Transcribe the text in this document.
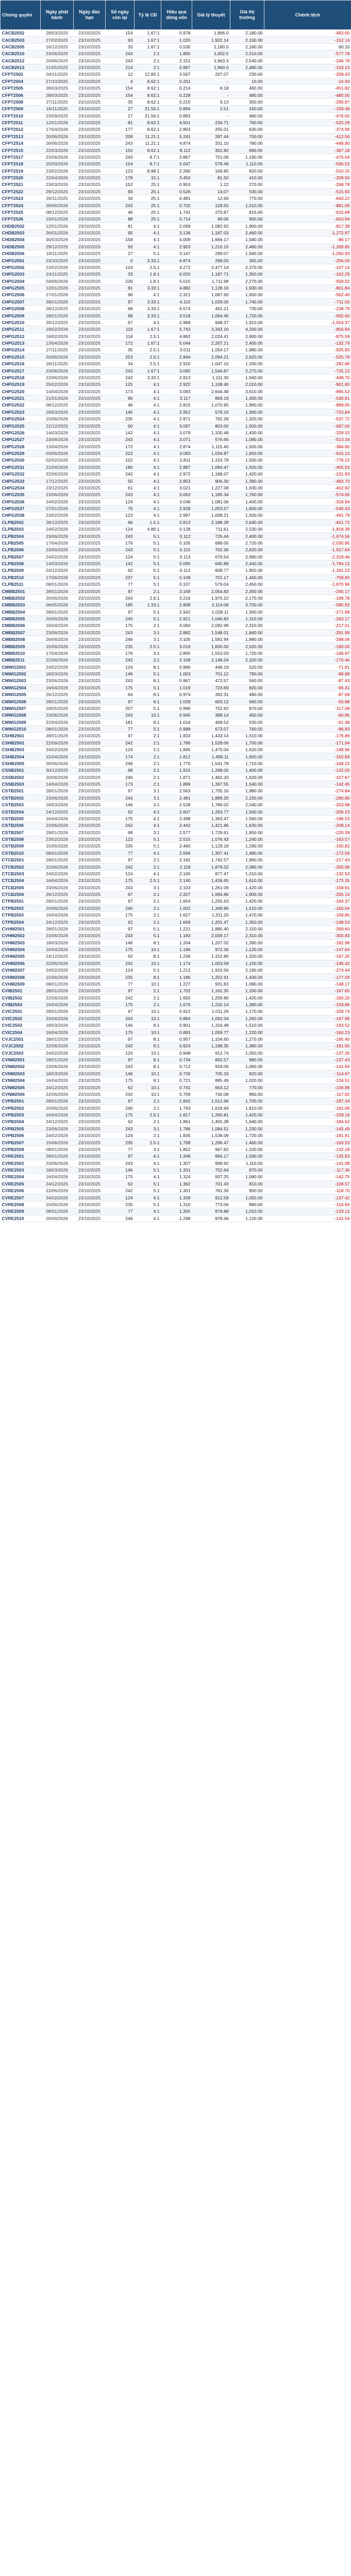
Chứng quyền	Ngày phát hành	Ngày đáo hạn	Số ngày còn lại	Tỷ lệ CĐ	Hiệu quả dòng vốn	Giá lý thuyết	Giá thị trường	Chênh lệch
CACB2502	28/03/2025	23/10/2025	154	1.67:1	0.978	1,866.0	2,180.00	-483.00
CACB2503	27/02/2025	23/10/2025	63	1.67:1	1.020	1,922.14	2,100.00	-152.14
CACB2505	16/12/2025	23/10/2025	33	1.67:1	0.530	2,180.0	2,180.00	60.10
CACB2510	23/06/2025	23/10/2025	243	2:1	1.860	1,602.5	2,510.00	-577.78
CACB2512	20/06/2025	23/10/2025	243	2:1	2.151	1,663.3	2,540.00	-246.78
CACB2513	21/05/2025	23/10/2025	214	2:1	0.997	1,960.0	2,480.00	-103.13
CFPT2502	04/11/2025	23/10/2025	12	12.85:1	3.567	207.07	230.00	-209.43
CFPT2504	27/10/2025	23/10/2025	4	8.62:1	0.201	-	10.00	-10.00
CFPT2505	28/03/2025	23/10/2025	154	8.62:1	0.214	8.18	460.00	-451.82
CFPT2506	28/03/2025	23/10/2025	154	8.62:1	0.228	-	480.00	-480.00
CFPT2508	27/11/2025	23/10/2025	35	8.62:1	0.215	9.13	300.00	-290.87
CFPT2509	18/11/2025	23/10/2025	27	21.56:1	0.894	2.51	160.00	-159.49
CFPT2510	23/09/2025	23/10/2025	27	21.56:1	0.893	-	480.00	-476.00
CFPT2511	12/01/2026	23/10/2025	81	8.62:1	4.501	234.71	760.00	-525.29
CFPT2512	17/04/2026	23/10/2025	177	8.62:1	2.803	255.01	630.00	-374.99
CFPT2513	20/06/2026	23/10/2025	208	11.21:1	5.241	287.44	700.00	-412.56
CFPT2514	26/06/2026	23/10/2025	243	11.21:1	4.874	331.10	780.00	-448.90
CFPT2515	22/03/2026	23/10/2025	150	8.62:1	8.112	302.82	690.00	-387.18
CFPT2517	23/06/2026	23/10/2025	243	8.7:1	3.867	751.06	1,190.00	-475.64
CFPT2518	25/03/2026	23/10/2025	154	8.7:1	5.047	578.48	1,110.00	-566.52
CFPT2519	23/02/2026	23/10/2025	123	8.98:1	2.290	166.85	820.00	-510.15
CFPT2520	22/04/2026	23/10/2025	178	15:1	3.450	81.50	410.00	-328.50
CFPT2521	23/03/2026	23/10/2025	152	25:1	0.953	1.22	270.00	-268.78
CFPT2522	29/12/2025	23/10/2025	93	25:1	0.526	14.07	530.00	-515.93
CFPT2523	26/11/2025	23/10/2025	34	25:1	0.481	12.69	770.00	-643.22
CFPT2524	26/06/2026	23/10/2025	243	25:1	0.702	128.55	1,510.00	-881.05
CFPT2525	08/12/2025	23/10/2025	46	25:1	1.741	270.87	815.00	-615.69
CFPT2526	19/01/2026	23/10/2025	88	25:1	0.714	89.06	900.00	-810.94
CHDB2502	12/01/2026	23/10/2025	81	4:1	2.069	1,082.62	1,900.00	-817.38
CHDB2503	26/01/2026	23/10/2025	95	4:1	3.136	1,187.03	2,460.00	-1,272.97
CHDB2504	30/03/2026	23/10/2025	158	4:1	4.009	1,666.17	1,580.00	-86.17
CHDB2505	29/12/2025	23/10/2025	93	4:1	2.953	1,210.15	2,480.00	-1,269.85
CHDB2506	18/11/2025	23/10/2025	27	5:1	3.147	299.07	1,560.00	-1,260.93
CHPG2501	23/10/2025	23/10/2025	0	3.33:1	6.874	268.00	365.00	-256.00
CHPG2502	23/02/2026	23/10/2025	124	2.5:1	4.272	2,477.14	2,370.00	-107.14
CHPG2503	24/11/2025	23/10/2025	33	1.8:1	6.020	1,187.71	1,350.00	-162.29
CHPG2504	04/06/2026	23/10/2025	226	1.8:1	5.015	1,711.98	2,270.00	-558.02
CHPG2505	12/01/2026	23/10/2025	81	3.33:1	4.882	1,128.16	1,930.00	-801.84
CHPG2506	27/01/2026	23/10/2025	96	4:1	2.321	1,087.60	1,650.00	-562.40
CHPG2507	28/01/2026	23/10/2025	97	3.33:1	4.110	1,028.00	1,740.00	-711.00
CHPG2508	28/12/2025	23/10/2025	68	3.33:1	6.574	491.21	730.00	-238.79
CHPG2509	29/01/2026	23/10/2025	98	3.33:1	3.518	1,064.40	1,720.00	-655.60
CHPG2510	29/12/2025	23/10/2025	67	4:1	2.968	948.37	1,910.00	-1,054.37
CHPG2511	19/02/2026	23/10/2025	119	1.67:1	5.743	3,343.16	4,200.00	-856.84
CHPG2512	18/02/2026	23/10/2025	118	2.5:1	4.862	2,024.41	2,900.00	-875.59
CHPG2513	13/04/2026	23/10/2025	172	1.67:1	5.044	2,267.21	2,400.00	-132.79
CHPG2514	27/11/2025	23/10/2025	35	2.5:1	3.011	1,054.17	1,980.00	-925.83
CHPG2515	20/06/2026	23/10/2025	253	2.5:1	2.844	2,094.21	2,620.00	-525.79
CHPG2516	26/11/2025	23/10/2025	34	2.5:1	2.910	1,047.10	1,330.00	-282.90
CHPG2517	23/06/2026	23/10/2025	243	1.67:1	3.065	1,544.87	2,270.00	-725.13
CHPG2518	22/06/2026	23/10/2025	242	3.33:1	2.813	1,111.30	1,560.00	-448.70
CHPG2519	25/02/2026	23/10/2025	125	4:1	2.922	1,108.40	2,010.00	-901.60
CHPG2520	14/04/2026	23/10/2025	173	4:1	3.083	2,644.48	3,610.00	-965.52
CHPG2521	21/01/2026	23/10/2025	90	4:1	3.117	869.19	1,400.00	-530.81
CHPG2522	08/12/2025	23/10/2025	46	4:1	2.815	1,070.95	1,960.00	-889.05
CHPG2523	18/03/2026	23/10/2025	145	4:1	2.952	579.16	1,300.00	-720.84
CHPG2524	15/06/2026	23/10/2025	235	4:1	2.971	782.28	1,320.00	-537.72
CHPG2525	22/12/2025	23/10/2025	60	4:1	3.097	803.00	1,500.00	-697.00
CHPG2526	14/03/2026	23/10/2025	142	4:1	3.079	1,100.48	1,430.00	-329.52
CHPG2527	23/06/2026	23/10/2025	243	4:1	3.071	576.66	1,090.00	-513.34
CHPG2528	13/04/2026	23/10/2025	172	4:1	2.874	1,115.40	1,500.00	-384.60
CHPG2529	03/06/2026	23/10/2025	223	4:1	3.083	1,034.87	1,650.00	-615.13
CHPG2530	02/02/2026	23/10/2025	102	4:1	2.811	1,153.78	1,930.00	-776.22
CHPG2531	21/04/2026	23/10/2025	180	4:1	2.887	1,094.47	1,500.00	-405.53
CHPG2532	22/06/2026	23/10/2025	242	4:1	2.972	1,188.07	1,420.00	-231.93
CHPG2533	17/12/2025	23/10/2025	55	4:1	2.853	906.30	1,390.00	-483.70
CHPG2534	23/12/2025	23/10/2025	61	4:1	3.021	1,227.08	1,630.00	-402.92
CHPG2535	23/06/2026	23/10/2025	243	4:1	3.063	1,185.34	1,760.00	-574.66
CHPG2536	24/02/2026	23/10/2025	124	4:1	3.048	1,081.06	1,400.00	-318.94
CHPG2537	07/01/2026	23/10/2025	76	4:1	2.928	1,053.57	1,600.00	-546.43
CHPG2538	23/02/2026	23/10/2025	123	4:1	2.997	1,008.21	1,500.00	-491.79
CLPB2502	28/12/2025	23/10/2025	66	1.5:1	2.813	2,188.28	2,640.00	-451.72
CLPB2503	24/02/2026	23/10/2025	124	4.86:1	0.128	711.61	2,530.00	-1,818.39
CLPB2504	23/06/2026	23/10/2025	243	5:1	0.112	725.44	2,400.00	-1,674.56
CLPB2505	17/04/2026	23/10/2025	176	5:1	0.105	689.05	2,720.00	-2,030.95
CLPB2506	23/06/2026	23/10/2025	243	5:1	0.115	702.36	2,620.00	-1,917.64
CLPB2507	24/02/2026	23/10/2025	124	5:1	0.113	670.54	2,990.00	-2,319.46
CLPB2508	14/03/2026	23/10/2025	142	5:1	0.095	645.88	2,440.00	-1,794.12
CLPB2509	24/12/2025	23/10/2025	62	5:1	0.112	608.77	1,950.00	-1,341.23
CLPB2510	17/06/2026	23/10/2025	237	5:1	0.108	701.17	1,460.00	-758.83
CLPB2511	08/01/2026	23/10/2025	77	5:1	0.107	579.04	2,450.00	-1,870.96
CMBB2501	28/01/2026	23/10/2025	97	2:1	3.168	2,054.83	2,300.00	-245.17
CMBB2502	20/06/2026	23/10/2025	243	2.6:1	3.216	1,970.22	2,170.00	-199.78
CMBB2503	06/05/2026	23/10/2025	195	1.33:1	2.808	3,114.08	3,700.00	-585.92
CMBB2504	28/01/2026	23/10/2025	97	5:1	2.942	1,028.11	1,300.00	-271.89
CMBB2505	20/06/2026	23/10/2025	240	5:1	2.921	1,046.83	1,310.00	-263.17
CMBB2506	16/04/2026	23/10/2025	175	2:1	3.060	2,092.99	2,310.00	-217.01
CMBB2507	23/06/2026	23/10/2025	243	3:1	2.882	1,548.01	1,840.00	-291.99
CMBB2508	26/06/2026	23/10/2025	246	3:1	3.105	1,581.94	1,880.00	-298.06
CMBB2509	15/06/2026	23/10/2025	235	2.5:1	3.019	1,830.00	2,020.00	-190.00
CMBB2510	17/04/2026	23/10/2025	176	3:1	2.865	1,553.03	1,720.00	-166.97
CMBB2511	22/06/2026	23/10/2025	242	2:1	3.109	2,149.54	2,320.00	-170.46
CMWG2501	24/02/2026	23/10/2025	124	8:1	0.986	448.19	520.00	-71.81
CMWG2502	18/03/2026	23/10/2025	146	5:1	1.003	701.12	790.00	-88.88
CMWG2503	23/06/2026	23/10/2025	243	8:1	0.967	472.57	560.00	-87.43
CMWG2504	16/04/2026	23/10/2025	175	5:1	1.019	723.69	820.00	-96.31
CMWG2505	26/12/2025	23/10/2025	64	8:1	0.974	392.31	480.00	-87.69
CMWG2506	28/01/2026	23/10/2025	97	6:1	1.028	603.12	660.00	-56.88
CMWG2507	18/05/2026	23/10/2025	207	5:1	0.996	752.92	870.00	-117.08
CMWG2508	23/06/2026	23/10/2025	243	10:1	0.945	389.14	450.00	-60.86
CMWG2509	22/04/2026	23/10/2025	181	8:1	1.016	468.52	530.00	-61.48
CMWG2510	08/01/2026	23/10/2025	77	5:1	0.988	673.07	760.00	-86.93
CSHB2501	28/01/2026	23/10/2025	97	2:1	1.833	1,433.14	1,610.00	-176.86
CSHB2502	22/06/2026	23/10/2025	242	2:1	1.786	1,528.06	1,700.00	-171.94
CSHB2503	24/02/2026	23/10/2025	124	2:1	1.845	1,470.04	1,620.00	-149.96
CSHB2504	15/04/2026	23/10/2025	174	2:1	1.812	1,499.11	1,650.00	-150.89
CSHB2505	26/06/2026	23/10/2025	246	2:1	1.770	1,541.78	1,710.00	-168.22
CSSB2501	30/12/2025	23/10/2025	68	2:1	1.915	1,268.00	1,400.00	-132.00
CSSB2502	20/06/2026	23/10/2025	240	2:1	1.871	1,462.33	1,620.00	-157.67
CSSB2503	14/04/2026	23/10/2025	173	2:1	1.899	1,397.55	1,540.00	-142.45
CSTB2501	28/01/2026	23/10/2025	97	3:1	2.563	1,705.16	1,980.00	-274.84
CSTB2502	23/06/2026	23/10/2025	243	3:1	2.481	1,889.20	2,150.00	-260.80
CSTB2503	18/03/2026	23/10/2025	146	3:1	2.528	1,786.02	2,040.00	-253.98
CSTB2504	24/12/2025	23/10/2025	62	4:1	2.607	1,293.77	1,500.00	-206.23
CSTB2505	16/04/2026	23/10/2025	175	4:1	2.498	1,363.47	1,560.00	-196.53
CSTB2506	22/06/2026	23/10/2025	242	4:1	2.442	1,421.86	1,630.00	-208.14
CSTB2507	29/01/2026	23/10/2025	98	3:1	2.577	1,729.61	1,950.00	-220.39
CSTB2508	23/02/2026	23/10/2025	123	5:1	2.515	1,076.43	1,240.00	-163.57
CSTB2509	15/06/2026	23/10/2025	235	5:1	2.460	1,129.18	1,290.00	-160.82
CSTB2510	08/01/2026	23/10/2025	77	4:1	2.594	1,307.41	1,480.00	-172.59
CTCB2501	28/01/2026	23/10/2025	97	2:1	2.182	1,742.57	1,960.00	-217.43
CTCB2502	22/06/2026	23/10/2025	242	2:1	2.118	1,879.02	2,080.00	-200.98
CTCB2503	24/02/2026	23/10/2025	124	4:1	2.165	877.47	1,010.00	-132.53
CTCB2504	16/04/2026	23/10/2025	175	2.5:1	2.140	1,436.65	1,610.00	-173.35
CTCB2505	23/06/2026	23/10/2025	243	3:1	2.103	1,261.09	1,420.00	-158.91
CTCB2506	29/12/2025	23/10/2025	67	2:1	2.207	1,694.86	1,900.00	-205.14
CTPB2501	28/01/2026	23/10/2025	97	2:1	1.654	1,255.63	1,420.00	-164.37
CTPB2502	20/06/2026	23/10/2025	240	2:1	1.602	1,349.96	1,510.00	-160.04
CTPB2503	16/04/2026	23/10/2025	175	2:1	1.627	1,311.20	1,470.00	-158.80
CTPB2504	24/12/2025	23/10/2025	62	2:1	1.669	1,201.47	1,350.00	-148.53
CVHM2501	28/01/2026	23/10/2025	97	5:1	1.221	1,880.40	2,150.00	-269.60
CVHM2502	23/06/2026	23/10/2025	243	5:1	1.183	2,009.17	2,310.00	-300.83
CVHM2503	18/03/2026	23/10/2025	146	8:1	1.204	1,207.02	1,390.00	-182.98
CVHM2504	16/04/2026	23/10/2025	175	10:1	1.196	972.36	1,120.00	-147.64
CVHM2505	24/12/2025	23/10/2025	62	8:1	1.236	1,152.80	1,320.00	-167.20
CVHM2506	22/06/2026	23/10/2025	242	10:1	1.174	1,003.58	1,150.00	-146.42
CVHM2507	24/02/2026	23/10/2025	124	5:1	1.212	1,915.56	2,190.00	-274.44
CVHM2508	15/06/2026	23/10/2025	235	8:1	1.186	1,252.91	1,430.00	-177.09
CVHM2509	08/01/2026	23/10/2025	77	10:1	1.227	931.83	1,080.00	-148.17
CVIB2501	28/01/2026	23/10/2025	97	2:1	1.702	1,162.35	1,330.00	-167.65
CVIB2502	22/06/2026	23/10/2025	242	2:1	1.655	1,259.80	1,420.00	-160.20
CVIB2503	16/04/2026	23/10/2025	175	2:1	1.676	1,220.14	1,380.00	-159.86
CVIC2501	28/01/2026	23/10/2025	97	10:1	0.912	1,011.26	1,170.00	-158.74
CVIC2502	23/06/2026	23/10/2025	243	10:1	0.884	1,092.04	1,260.00	-167.96
CVIC2503	18/03/2026	23/10/2025	146	8:1	0.901	1,316.48	1,510.00	-193.52
CVIC2504	16/04/2026	23/10/2025	175	10:1	0.893	1,059.77	1,220.00	-160.23
CVJC2501	28/01/2026	23/10/2025	97	8:1	0.957	1,104.60	1,270.00	-165.40
CVJC2502	22/06/2026	23/10/2025	242	8:1	0.923	1,198.35	1,380.00	-181.65
CVJC2503	24/02/2026	23/10/2025	124	10:1	0.948	912.74	1,050.00	-137.26
CVNM2501	28/01/2026	23/10/2025	97	8:1	0.734	842.57	980.00	-137.43
CVNM2502	23/06/2026	23/10/2025	243	8:1	0.712	918.06	1,060.00	-141.94
CVNM2503	18/03/2026	23/10/2025	146	10:1	0.726	705.33	820.00	-114.67
CVNM2504	16/04/2026	23/10/2025	175	8:1	0.721	885.49	1,020.00	-134.51
CVNM2505	24/12/2025	23/10/2025	62	10:1	0.741	663.12	770.00	-106.88
CVNM2506	22/06/2026	23/10/2025	242	10:1	0.709	742.08	860.00	-117.92
CVPB2501	28/01/2026	23/10/2025	97	2:1	1.842	1,512.66	1,700.00	-187.34
CVPB2502	20/06/2026	23/10/2025	240	2:1	1.793	1,618.94	1,810.00	-191.06
CVPB2503	16/04/2026	23/10/2025	175	2.5:1	1.817	1,260.81	1,420.00	-159.19
CVPB2504	24/12/2025	23/10/2025	62	2:1	1.861	1,455.38	1,640.00	-184.62
CVPB2505	23/06/2026	23/10/2025	243	3:1	1.786	1,084.51	1,230.00	-145.49
CVPB2506	24/02/2026	23/10/2025	124	2:1	1.835	1,538.09	1,720.00	-181.91
CVPB2507	15/06/2026	23/10/2025	235	2.5:1	1.798	1,296.47	1,460.00	-163.53
CVPB2508	08/01/2026	23/10/2025	77	3:1	1.852	967.82	1,100.00	-132.18
CVRE2501	28/01/2026	23/10/2025	97	4:1	1.348	894.17	1,030.00	-135.83
CVRE2502	23/06/2026	23/10/2025	243	4:1	1.307	968.92	1,110.00	-141.08
CVRE2503	18/03/2026	23/10/2025	146	5:1	1.331	752.64	870.00	-117.36
CVRE2504	16/04/2026	23/10/2025	175	4:1	1.324	937.25	1,080.00	-142.75
CVRE2505	24/12/2025	23/10/2025	62	5:1	1.362	701.43	810.00	-108.57
CVRE2506	22/06/2026	23/10/2025	242	5:1	1.301	781.30	900.00	-118.70
CVRE2507	24/02/2026	23/10/2025	124	4:1	1.339	912.58	1,050.00	-137.42
CVRE2508	15/06/2026	23/10/2025	235	5:1	1.310	773.06	890.00	-116.94
CVRE2509	08/01/2026	23/10/2025	77	4:1	1.355	876.88	1,010.00	-133.12
CVRE2510	26/06/2026	23/10/2025	246	4:1	1.298	978.46	1,120.00	-141.54
